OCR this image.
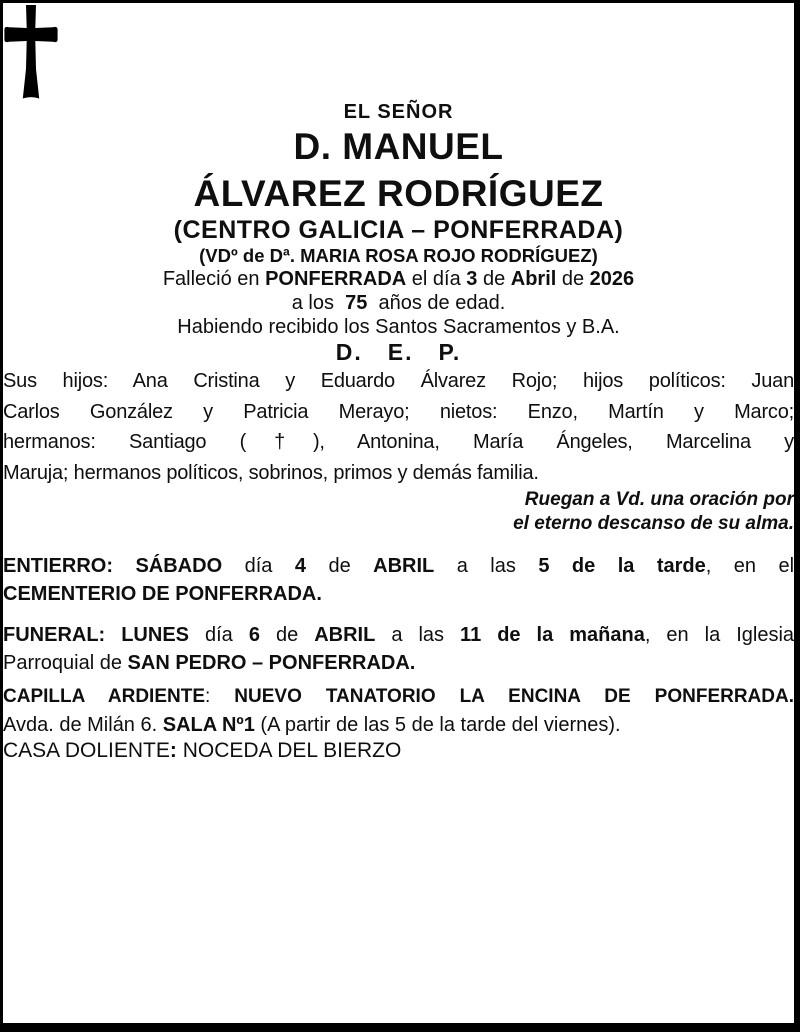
EL SEÑOR
D. MANUEL
ÁLVAREZ RODRÍGUEZ
(CENTRO GALICIA – PONFERRADA)
(VDº de Dª. MARIA ROSA ROJO RODRÍGUEZ)

Falleció en PONFERRADA el día 3 de Abril de 2026

a los  75  años de edad.

Habiendo recibido los Santos Sacramentos y B.A.

D. E. P.

Sus hijos: Ana Cristina y Eduardo Álvarez Rojo; hijos políticos: Juan
Carlos González y Patricia Merayo; nietos: Enzo, Martín y Marco;
hermanos: Santiago (†), Antonina, María Ángeles, Marcelina y
Maruja; hermanos políticos, sobrinos, primos y demás familia.
Ruegan a Vd. una oración por
el eterno descanso de su alma.
ENTIERRO: SÁBADO día 4 de ABRIL a las 5 de la tarde, en el
CEMENTERIO DE PONFERRADA.
FUNERAL: LUNES día 6 de ABRIL a las 11 de la mañana, en la Iglesia
Parroquial de SAN PEDRO – PONFERRADA.
CAPILLA ARDIENTE: NUEVO TANATORIO LA ENCINA DE PONFERRADA.
Avda. de Milán 6. SALA Nº1 (A partir de las 5 de la tarde del viernes).

CASA DOLIENTE: NOCEDA DEL BIERZO
